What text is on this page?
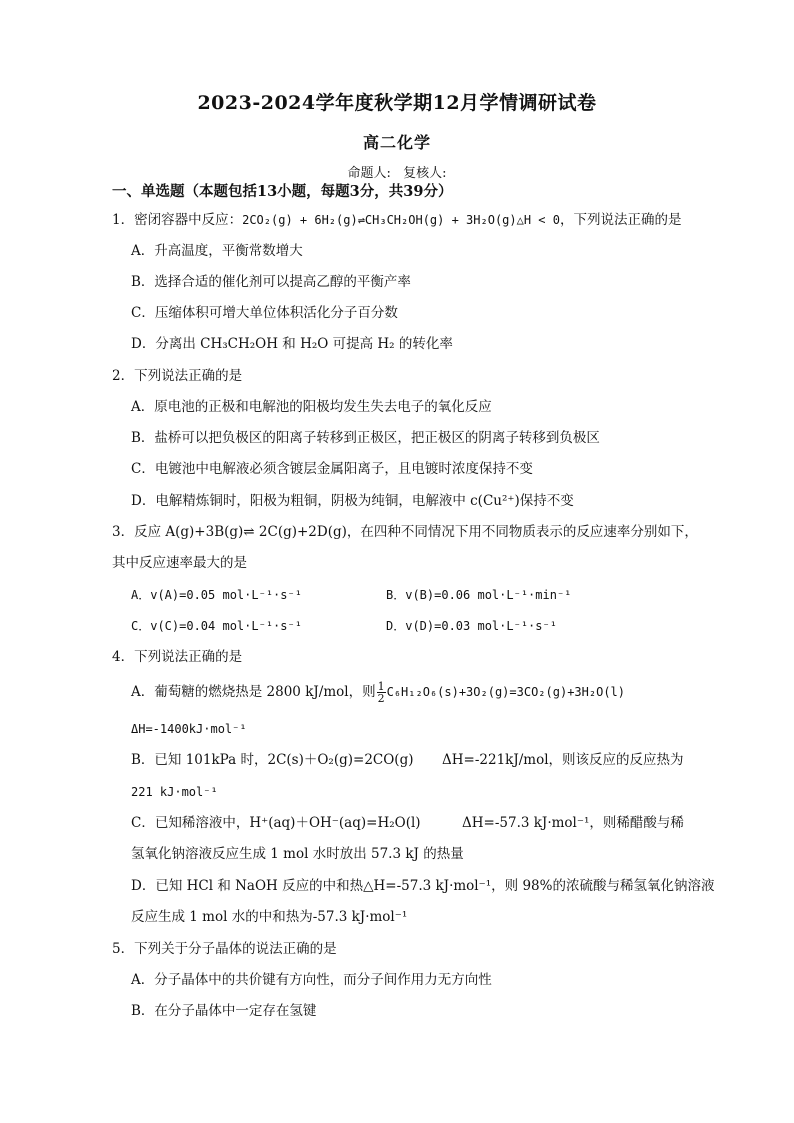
2023-2024学年度秋学期12月学情调研试卷
高二化学
命题人: 复核人:
一、单选题（本题包括13小题，每题3分，共39分）
1．密闭容器中反应：2CO₂(g) + 6H₂(g)⇌CH₃CH₂OH(g) + 3H₂O(g)△H < 0，下列说法正确的是
A．升高温度，平衡常数增大
B．选择合适的催化剂可以提高乙醇的平衡产率
C．压缩体积可增大单位体积活化分子百分数
D．分离出 CH₃CH₂OH 和 H₂O 可提高 H₂ 的转化率
2．下列说法正确的是
A．原电池的正极和电解池的阳极均发生失去电子的氧化反应
B．盐桥可以把负极区的阳离子转移到正极区，把正极区的阴离子转移到负极区
C．电镀池中电解液必须含镀层金属阳离子，且电镀时浓度保持不变
D．电解精炼铜时，阳极为粗铜，阴极为纯铜，电解液中 c(Cu²⁺)保持不变
3．反应 A(g)+3B(g)⇌ 2C(g)+2D(g)，在四种不同情况下用不同物质表示的反应速率分别如下，
其中反应速率最大的是
A．v(A)=0.05 mol·L⁻¹·s⁻¹	B．v(B)=0.06 mol·L⁻¹·min⁻¹
C．v(C)=0.04 mol·L⁻¹·s⁻¹	D．v(D)=0.03 mol·L⁻¹·s⁻¹
4．下列说法正确的是
A．葡萄糖的燃烧热是 2800 kJ/mol，则 $\frac{1}{2} C_6H_{12}O_6(s)+3O_2(g)=3CO_2(g)+3H_2O(l)$
ΔH=-1400kJ·mol⁻¹
B．已知 101kPa 时，2C(s)＋O₂(g)=2CO(g) ΔH=-221kJ/mol，则该反应的反应热为
221 kJ·mol⁻¹
C．已知稀溶液中，H⁺(aq)＋OH⁻(aq)=H₂O(l)	ΔH=-57.3 kJ·mol⁻¹，则稀醋酸与稀
氢氧化钠溶液反应生成 1 mol 水时放出 57.3 kJ 的热量
D．已知 HCl 和 NaOH 反应的中和热△H=-57.3 kJ·mol⁻¹，则 98%的浓硫酸与稀氢氧化钠溶液
反应生成 1 mol 水的中和热为-57.3 kJ·mol⁻¹
5．下列关于分子晶体的说法正确的是
A．分子晶体中的共价键有方向性，而分子间作用力无方向性
B．在分子晶体中一定存在氢键
